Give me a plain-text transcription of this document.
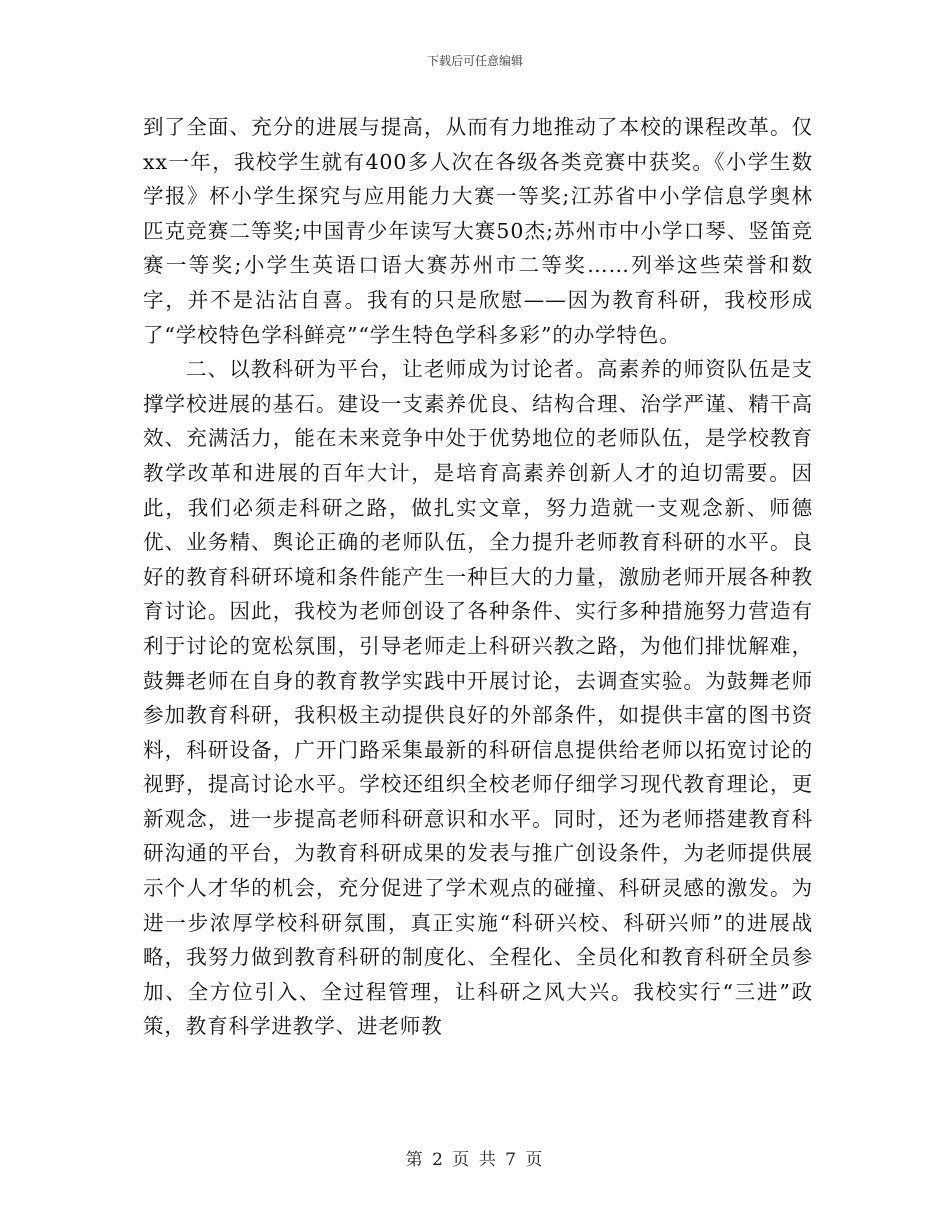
下载后可任意编辑

到了全面、充分的进展与提高，从而有力地推动了本校的课程改革。仅xx一年，我校学生就有400多人次在各级各类竞赛中获奖。《小学生数学报》杯小学生探究与应用能力大赛一等奖;江苏省中小学信息学奥林匹克竞赛二等奖;中国青少年读写大赛50杰;苏州市中小学口琴、竖笛竞赛一等奖;小学生英语口语大赛苏州市二等奖……列举这些荣誉和数字，并不是沾沾自喜。我有的只是欣慰——因为教育科研，我校形成了“学校特色学科鲜亮”“学生特色学科多彩”的办学特色。

二、以教科研为平台，让老师成为讨论者。高素养的师资队伍是支撑学校进展的基石。建设一支素养优良、结构合理、治学严谨、精干高效、充满活力，能在未来竞争中处于优势地位的老师队伍，是学校教育教学改革和进展的百年大计，是培育高素养创新人才的迫切需要。因此，我们必须走科研之路，做扎实文章，努力造就一支观念新、师德优、业务精、舆论正确的老师队伍，全力提升老师教育科研的水平。良好的教育科研环境和条件能产生一种巨大的力量，激励老师开展各种教育讨论。因此，我校为老师创设了各种条件、实行多种措施努力营造有利于讨论的宽松氛围，引导老师走上科研兴教之路，为他们排忧解难，鼓舞老师在自身的教育教学实践中开展讨论，去调查实验。为鼓舞老师参加教育科研，我积极主动提供良好的外部条件，如提供丰富的图书资料，科研设备，广开门路采集最新的科研信息提供给老师以拓宽讨论的视野，提高讨论水平。学校还组织全校老师仔细学习现代教育理论，更新观念，进一步提高老师科研意识和水平。同时，还为老师搭建教育科研沟通的平台，为教育科研成果的发表与推广创设条件，为老师提供展示个人才华的机会，充分促进了学术观点的碰撞、科研灵感的激发。为进一步浓厚学校科研氛围，真正实施“科研兴校、科研兴师”的进展战略，我努力做到教育科研的制度化、全程化、全员化和教育科研全员参加、全方位引入、全过程管理，让科研之风大兴。我校实行“三进”政策，教育科学进教学、进老师教

第 2 页 共 7 页
